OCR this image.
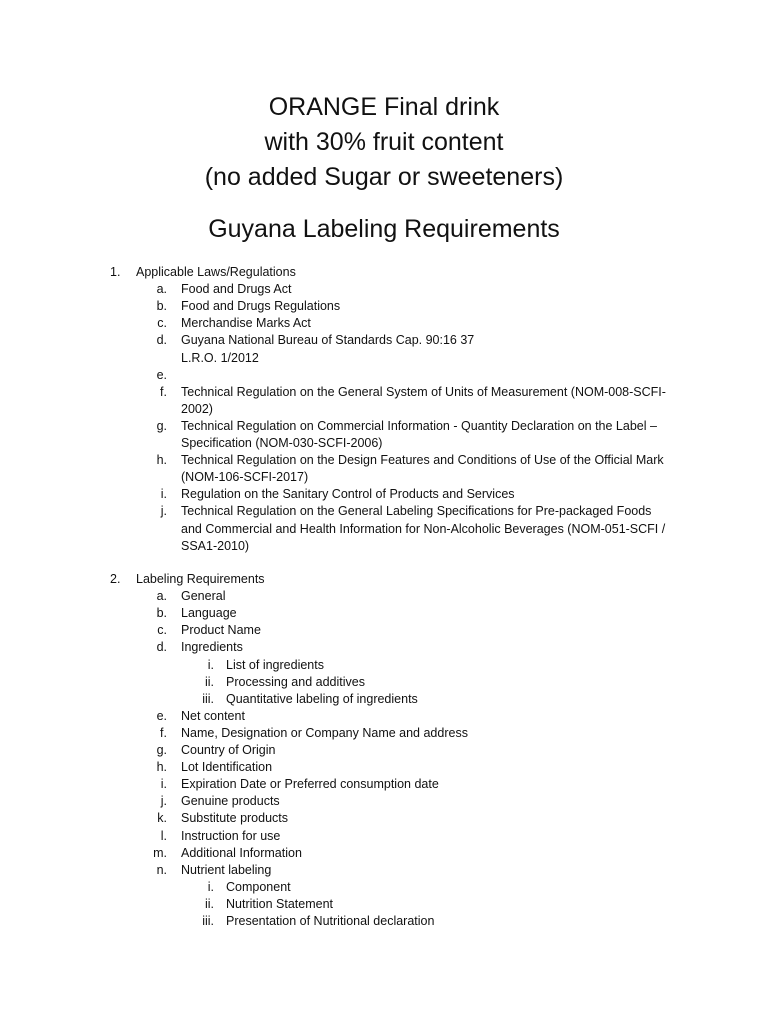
ORANGE Final drink
with 30% fruit content
(no added Sugar or sweeteners)
Guyana Labeling Requirements
1. Applicable Laws/Regulations
a. Food and Drugs Act
b. Food and Drugs Regulations
c. Merchandise Marks Act
d. Guyana National Bureau of Standards Cap. 90:16 37
L.R.O. 1/2012
e.
f. Technical Regulation on the General System of Units of Measurement (NOM-008-SCFI-
2002)
g. Technical Regulation on Commercial Information - Quantity Declaration on the Label –
Specification (NOM-030-SCFI-2006)
h. Technical Regulation on the Design Features and Conditions of Use of the Official Mark
(NOM-106-SCFI-2017)
i. Regulation on the Sanitary Control of Products and Services
j. Technical Regulation on the General Labeling Specifications for Pre-packaged Foods
and Commercial and Health Information for Non-Alcoholic Beverages (NOM-051-SCFI /
SSA1-2010)
2. Labeling Requirements
a. General
b. Language
c. Product Name
d. Ingredients
i. List of ingredients
ii. Processing and additives
iii. Quantitative labeling of ingredients
e. Net content
f. Name, Designation or Company Name and address
g. Country of Origin
h. Lot Identification
i. Expiration Date or Preferred consumption date
j. Genuine products
k. Substitute products
l. Instruction for use
m. Additional Information
n. Nutrient labeling
i. Component
ii. Nutrition Statement
iii. Presentation of Nutritional declaration
